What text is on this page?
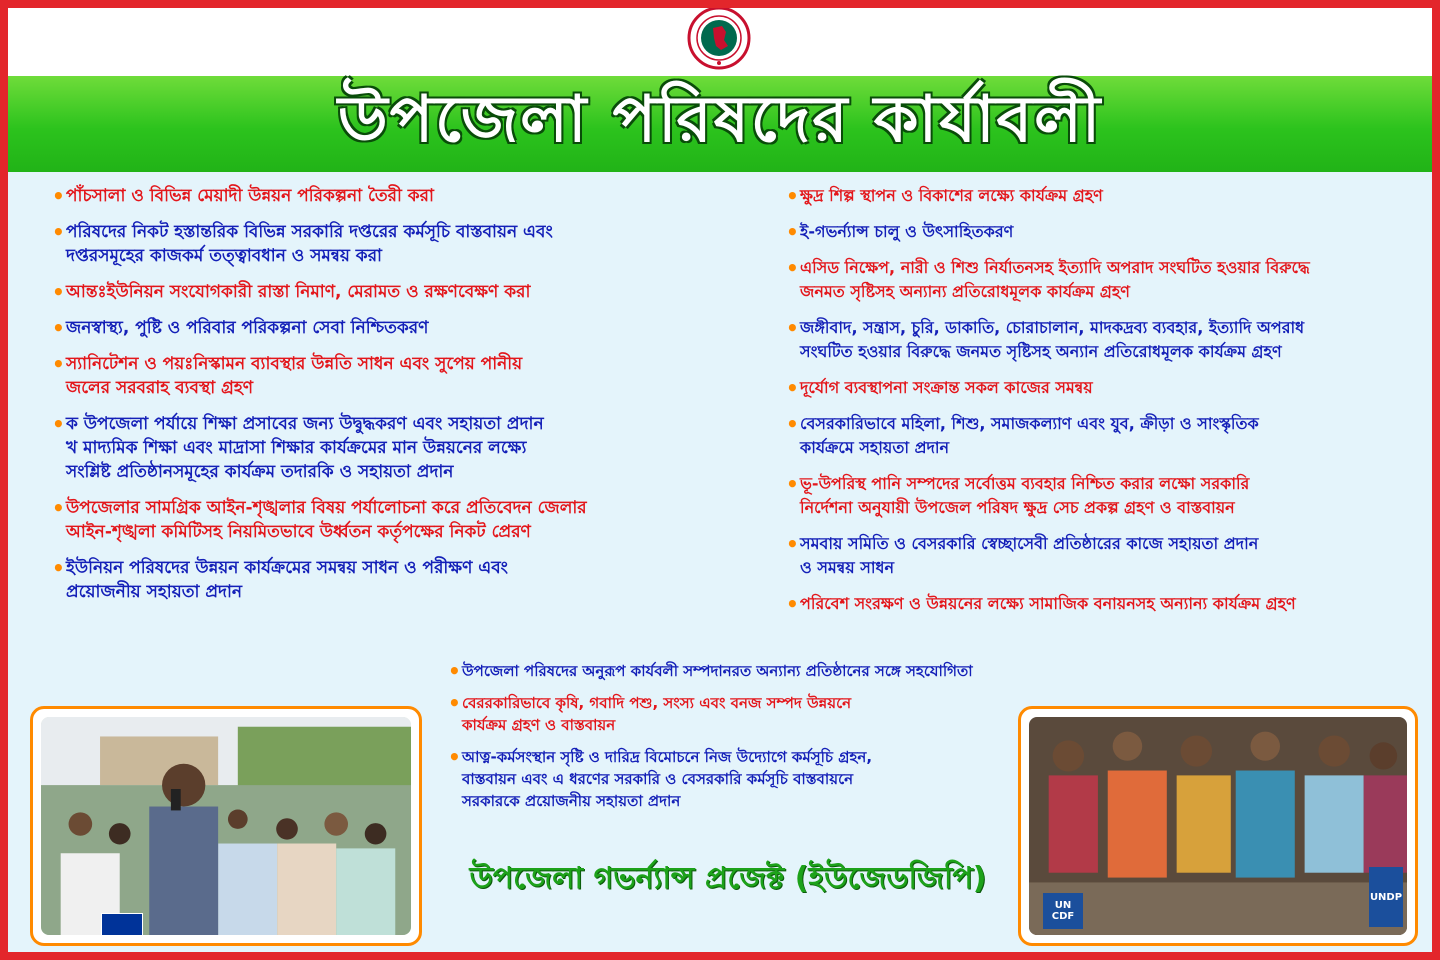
উপজেলা পরিষদের কার্যাবলী
• পাঁচসালা ও বিভিন্ন মেয়াদী উন্নয়ন পরিকল্পনা তৈরী করা
• পরিষদের নিকট হস্তান্তরিক বিভিন্ন সরকারি দপ্তরের কর্মসূচি বাস্তবায়ন এবং
দপ্তরসমূহের কাজকর্ম তত্ত্বাবধান ও সমন্বয় করা
• আন্তঃইউনিয়ন সংযোগকারী রাস্তা নিমাণ, মেরামত ও রক্ষণবেক্ষণ করা
• জনস্বাস্থ্য, পুষ্টি ও পরিবার পরিকল্পনা সেবা নিশ্চিতকরণ
• স্যানিটেশন ও পয়ঃনিস্কামন ব্যাবস্থার উন্নতি সাধন এবং সুপেয় পানীয়
জলের সরবরাহ ব্যবস্থা গ্রহণ
• ক উপজেলা পর্যায়ে শিক্ষা প্রসাবের জন্য উদ্বুদ্ধকরণ এবং সহায়তা প্রদান
খ মাদ্যমিক শিক্ষা এবং মাদ্রাসা শিক্ষার কার্যক্রমের মান উন্নয়নের লক্ষ্যে
সংশ্লিষ্ট প্রতিষ্ঠানসমূহের কার্যক্রম তদারকি ও সহায়তা প্রদান
• উপজেলার সামগ্রিক আইন-শৃঙ্খলার বিষয় পর্যালোচনা করে প্রতিবেদন জেলার
আইন-শৃঙ্খলা কমিটিসহ নিয়মিতভাবে উর্ধ্বতন কর্তৃপক্ষের নিকট প্রেরণ
• ইউনিয়ন পরিষদের উন্নয়ন কার্যক্রমের সমন্বয় সাধন ও পরীক্ষণ এবং
প্রয়োজনীয় সহায়তা প্রদান
• ক্ষুদ্র শিল্প স্থাপন ও বিকাশের লক্ষ্যে কার্যক্রম গ্রহণ
• ই-গভর্ন্যান্স চালু ও উৎসাহিতকরণ
• এসিড নিক্ষেপ, নারী ও শিশু নির্যাতনসহ ইত্যাদি অপরাদ সংঘটিত হওয়ার বিরুদ্ধে
জনমত সৃষ্টিসহ অন্যান্য প্রতিরোধমূলক কার্যক্রম গ্রহণ
• জঙ্গীবাদ, সন্ত্রাস, চুরি, ডাকাতি, চোরাচালান, মাদকদ্রব্য ব্যবহার, ইত্যাদি অপরাধ
সংঘটিত হওয়ার বিরুদ্ধে জনমত সৃষ্টিসহ অন্যান প্রতিরোধমূলক কার্যক্রম গ্রহণ
• দূর্যোগ ব্যবস্থাপনা সংক্রান্ত সকল কাজের সমন্বয়
• বেসরকারিভাবে মহিলা, শিশু, সমাজকল্যাণ এবং যুব, ক্রীড়া ও সাংস্কৃতিক
কার্যক্রমে সহায়তা প্রদান
• ভূ-উপরিস্থ পানি সম্পদের সর্বোত্তম ব্যবহার নিশ্চিত করার লক্ষো সরকারি
নির্দেশনা অনুযায়ী উপজেল পরিষদ ক্ষুদ্র সেচ প্রকল্প গ্রহণ ও বাস্তবায়ন
• সমবায় সমিতি ও বেসরকারি স্বেচ্ছাসেবী প্রতিষ্ঠারের কাজে সহায়তা প্রদান
ও সমন্বয় সাধন
• পরিবেশ সংরক্ষণ ও উন্নয়নের লক্ষ্যে সামাজিক বনায়নসহ অন্যান্য কার্যক্রম গ্রহণ
• উপজেলা পরিষদের অনুরূপ কার্যবলী সম্পদানরত অন্যান্য প্রতিষ্ঠানের সঙ্গে সহযোগিতা
• বেররকারিভাবে কৃষি, গবাদি পশু, সংস্য এবং বনজ সম্পদ উন্নয়নে
কার্যক্রম গ্রহণ ও বাস্তবায়ন
• আত্ন-কর্মসংস্থান সৃষ্টি ও দারিদ্র বিমোচনে নিজ উদ্যোগে কর্মসূচি গ্রহন,
বাস্তবায়ন এবং এ ধরণের সরকারি ও বেসরকারি কর্মসূচি বাস্তবায়নে
সরকারকে প্রয়োজনীয় সহায়তা প্রদান
উপজেলা গভর্ন্যান্স প্রজেক্ট (ইউজেডজিপি)
UN CDF
UNDP
